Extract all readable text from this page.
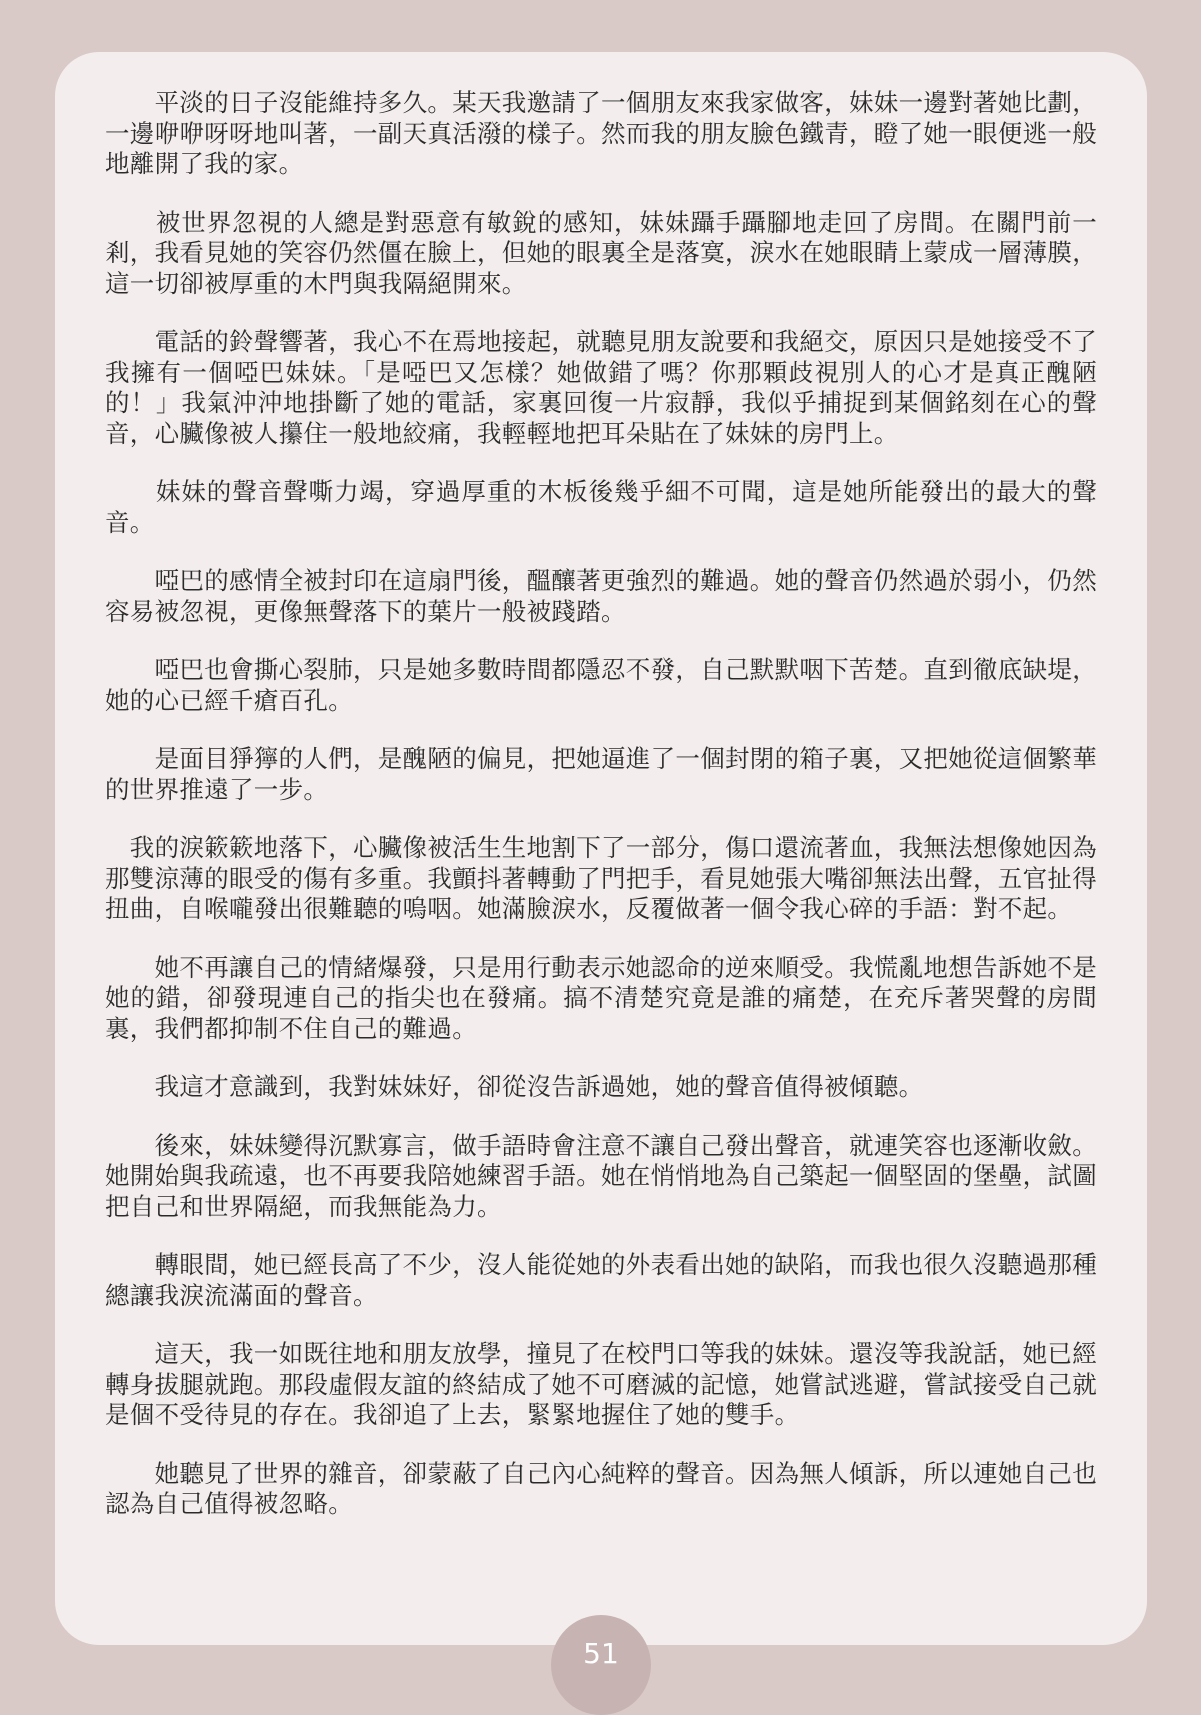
　　平淡的日子沒能維持多久。某天我邀請了一個朋友來我家做客，妹妹一邊對著她比劃，一邊咿咿呀呀地叫著，一副天真活潑的樣子。然而我的朋友臉色鐵青，瞪了她一眼便逃一般地離開了我的家。

　　被世界忽視的人總是對惡意有敏銳的感知，妹妹躡手躡腳地走回了房間。在關門前一剎，我看見她的笑容仍然僵在臉上，但她的眼裏全是落寞，淚水在她眼睛上蒙成一層薄膜，這一切卻被厚重的木門與我隔絕開來。

　　電話的鈴聲響著，我心不在焉地接起，就聽見朋友說要和我絕交，原因只是她接受不了我擁有一個啞巴妹妹。「是啞巴又怎樣？她做錯了嗎？你那顆歧視別人的心才是真正醜陋的！」我氣沖沖地掛斷了她的電話，家裏回復一片寂靜，我似乎捕捉到某個銘刻在心的聲音，心臟像被人攥住一般地絞痛，我輕輕地把耳朵貼在了妹妹的房門上。

　　妹妹的聲音聲嘶力竭，穿過厚重的木板後幾乎細不可聞，這是她所能發出的最大的聲音。

　　啞巴的感情全被封印在這扇門後，醞釀著更強烈的難過。她的聲音仍然過於弱小，仍然容易被忽視，更像無聲落下的葉片一般被踐踏。

　　啞巴也會撕心裂肺，只是她多數時間都隱忍不發，自己默默咽下苦楚。直到徹底缺堤，她的心已經千瘡百孔。

　　是面目猙獰的人們，是醜陋的偏見，把她逼進了一個封閉的箱子裏，又把她從這個繁華的世界推遠了一步。

　我的淚簌簌地落下，心臟像被活生生地割下了一部分，傷口還流著血，我無法想像她因為那雙涼薄的眼受的傷有多重。我顫抖著轉動了門把手，看見她張大嘴卻無法出聲，五官扯得扭曲，自喉嚨發出很難聽的嗚咽。她滿臉淚水，反覆做著一個令我心碎的手語：對不起。

　　她不再讓自己的情緒爆發，只是用行動表示她認命的逆來順受。我慌亂地想告訴她不是她的錯，卻發現連自己的指尖也在發痛。搞不清楚究竟是誰的痛楚，在充斥著哭聲的房間裏，我們都抑制不住自己的難過。

　　我這才意識到，我對妹妹好，卻從沒告訴過她，她的聲音值得被傾聽。

　　後來，妹妹變得沉默寡言，做手語時會注意不讓自己發出聲音，就連笑容也逐漸收斂。她開始與我疏遠，也不再要我陪她練習手語。她在悄悄地為自己築起一個堅固的堡壘，試圖把自己和世界隔絕，而我無能為力。

　　轉眼間，她已經長高了不少，沒人能從她的外表看出她的缺陷，而我也很久沒聽過那種總讓我淚流滿面的聲音。

　　這天，我一如既往地和朋友放學，撞見了在校門口等我的妹妹。還沒等我說話，她已經轉身拔腿就跑。那段虛假友誼的終結成了她不可磨滅的記憶，她嘗試逃避，嘗試接受自己就是個不受待見的存在。我卻追了上去，緊緊地握住了她的雙手。

　　她聽見了世界的雜音，卻蒙蔽了自己內心純粹的聲音。因為無人傾訴，所以連她自己也認為自己值得被忽略。

51
